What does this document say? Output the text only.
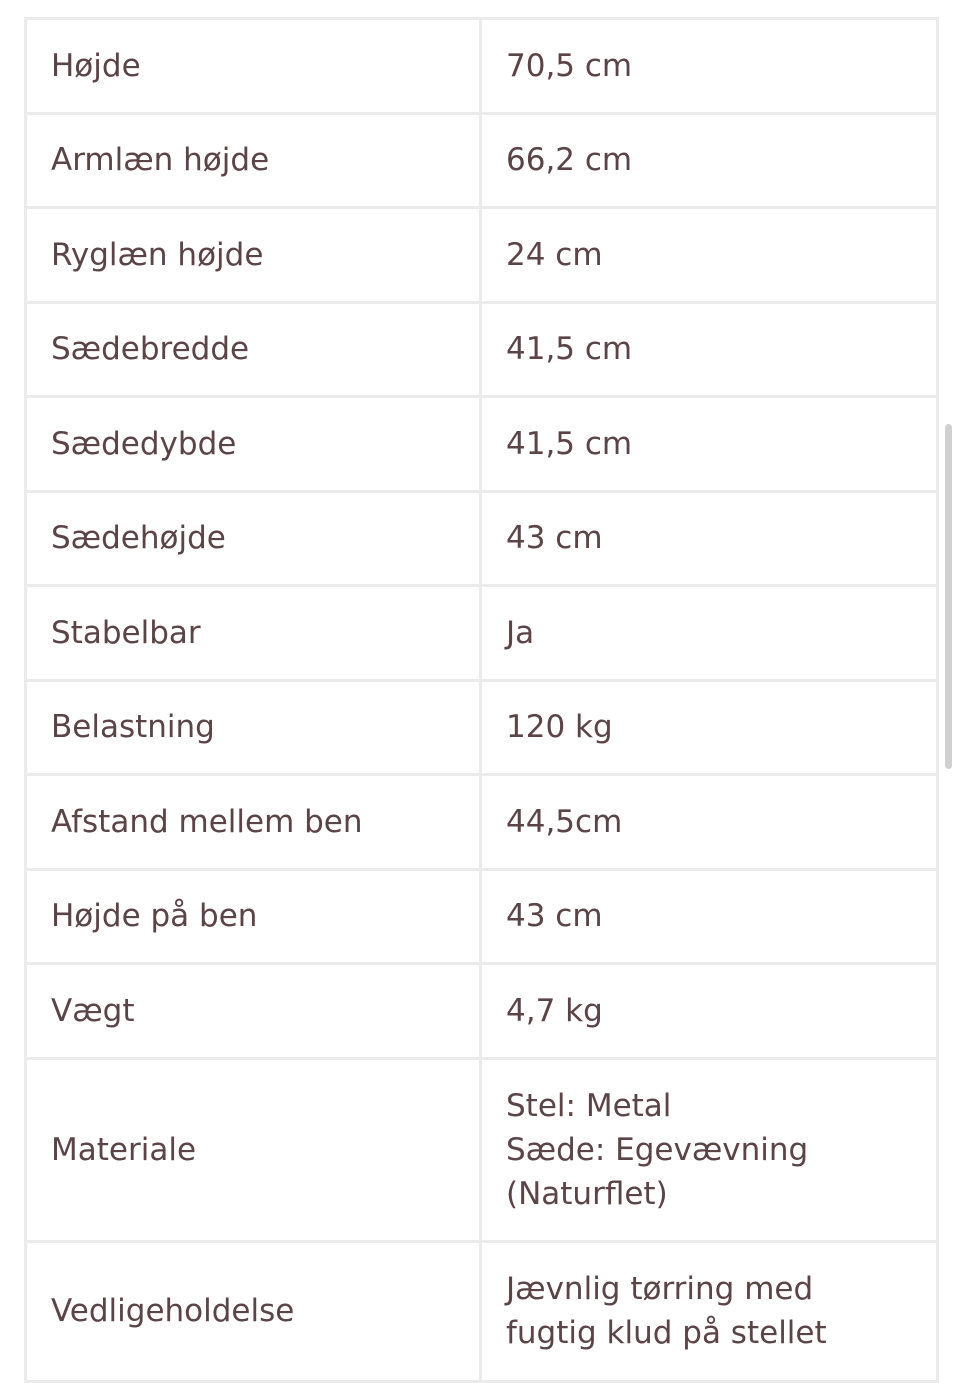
Højde	70,5 cm
Armlæn højde	66,2 cm
Ryglæn højde	24 cm
Sædebredde	41,5 cm
Sædedybde	41,5 cm
Sædehøjde	43 cm
Stabelbar	Ja
Belastning	120 kg
Afstand mellem ben	44,5cm
Højde på ben	43 cm
Vægt	4,7 kg
Materiale	Stel: Metal
Sæde: Egevævning
(Naturflet)

Vedligeholdelse	Jævnlig tørring med
fugtig klud på stellet
